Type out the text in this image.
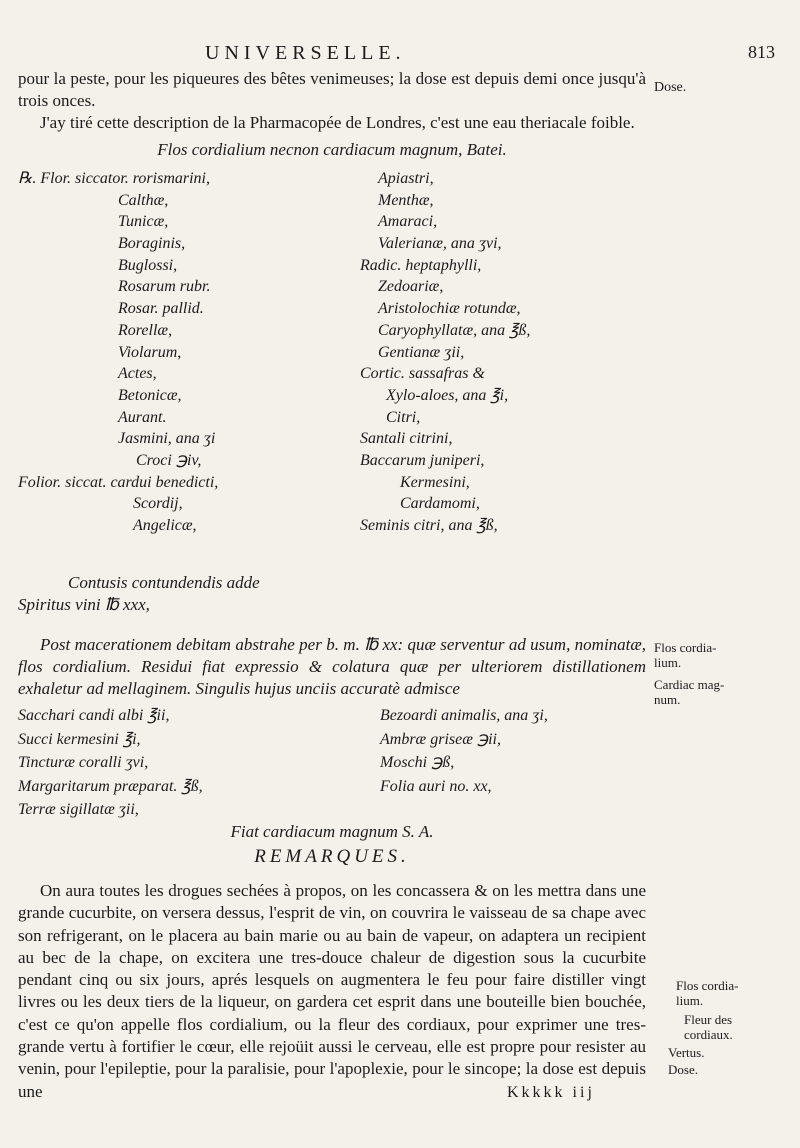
UNIVERSELLE.	813

pour la peste, pour les piqueures des bêtes venimeuses; la dose est depuis demi once jusqu'à trois onces.

J'ay tiré cette description de la Pharmacopée de Londres, c'est une eau theriacale foible.

Flos cordialium necnon cardiacum magnum, Batei.
℞. Flor. siccator. rorismarini,
Calthæ,
Tunicæ,
Boraginis,
Buglossi,
Rosarum rubr.
Rosar. pallid.
Rorellæ,
Violarum,
Actes,
Betonicæ,
Aurant.
Jasmini, ana ʒi
Croci ℈iv,
Folior. siccat. cardui benedicti,
Scordij,
Angelicæ,
Apiastri,
Menthæ,
Amaraci,
Valerianæ, ana ʒvi,
Radic. heptaphylli,
Zedoariæ,
Aristolochiæ rotundæ,
Caryophyllatæ, ana ℥ß,
Gentianæ ʒii,
Cortic. sassafras &
Xylo-aloes, ana ℥i,
Citri,
Santali citrini,
Baccarum juniperi,
Kermesini,
Cardamomi,
Seminis citri, ana ℥ß,

Contusis contundendis adde

Spiritus vini ℔ xxx,

Post macerationem debitam abstrahe per b. m. ℔ xx: quæ serventur ad usum, nominatæ, flos cordialium. Residui fiat expressio & colatura quæ per ulteriorem distillationem exhaletur ad mellaginem. Singulis hujus unciis accuratè admisce

Sacchari candi albi ℥ii,
Succi kermesini ℥i,
Tincturæ coralli ʒvi,
Margaritarum præparat. ℥ß,
Terræ sigillatæ ʒii,
Bezoardi animalis, ana ʒi,
Ambræ griseæ ℈ii,
Moschi ℈ß,
Folia auri no. xx,
Fiat cardiacum magnum S. A.
REMARQUES.

On aura toutes les drogues sechées à propos, on les concassera & on les mettra dans une grande cucurbite, on versera dessus, l'esprit de vin, on couvrira le vaisseau de sa chape avec son refrigerant, on le placera au bain marie ou au bain de vapeur, on adaptera un recipient au bec de la chape, on excitera une tres-douce chaleur de digestion sous la cucurbite pendant cinq ou six jours, aprés lesquels on augmentera le feu pour faire distiller vingt livres ou les deux tiers de la liqueur, on gardera cet esprit dans une bouteille bien bouchée, c'est ce qu'on appelle flos cordialium, ou la fleur des cordiaux, pour exprimer une tres-grande vertu à fortifier le cœur, elle rejoüit aussi le cerveau, elle est propre pour resister au venin, pour l'epileptie, pour la paralisie, pour l'apoplexie, pour le sincope; la dose est depuis une

Dose.
Flos cordia-
lium.
Cardiac mag-
num.
Flos cordia-
lium.
Fleur des
cordiaux.
Vertus.
Dose.
Kkkkk iij
